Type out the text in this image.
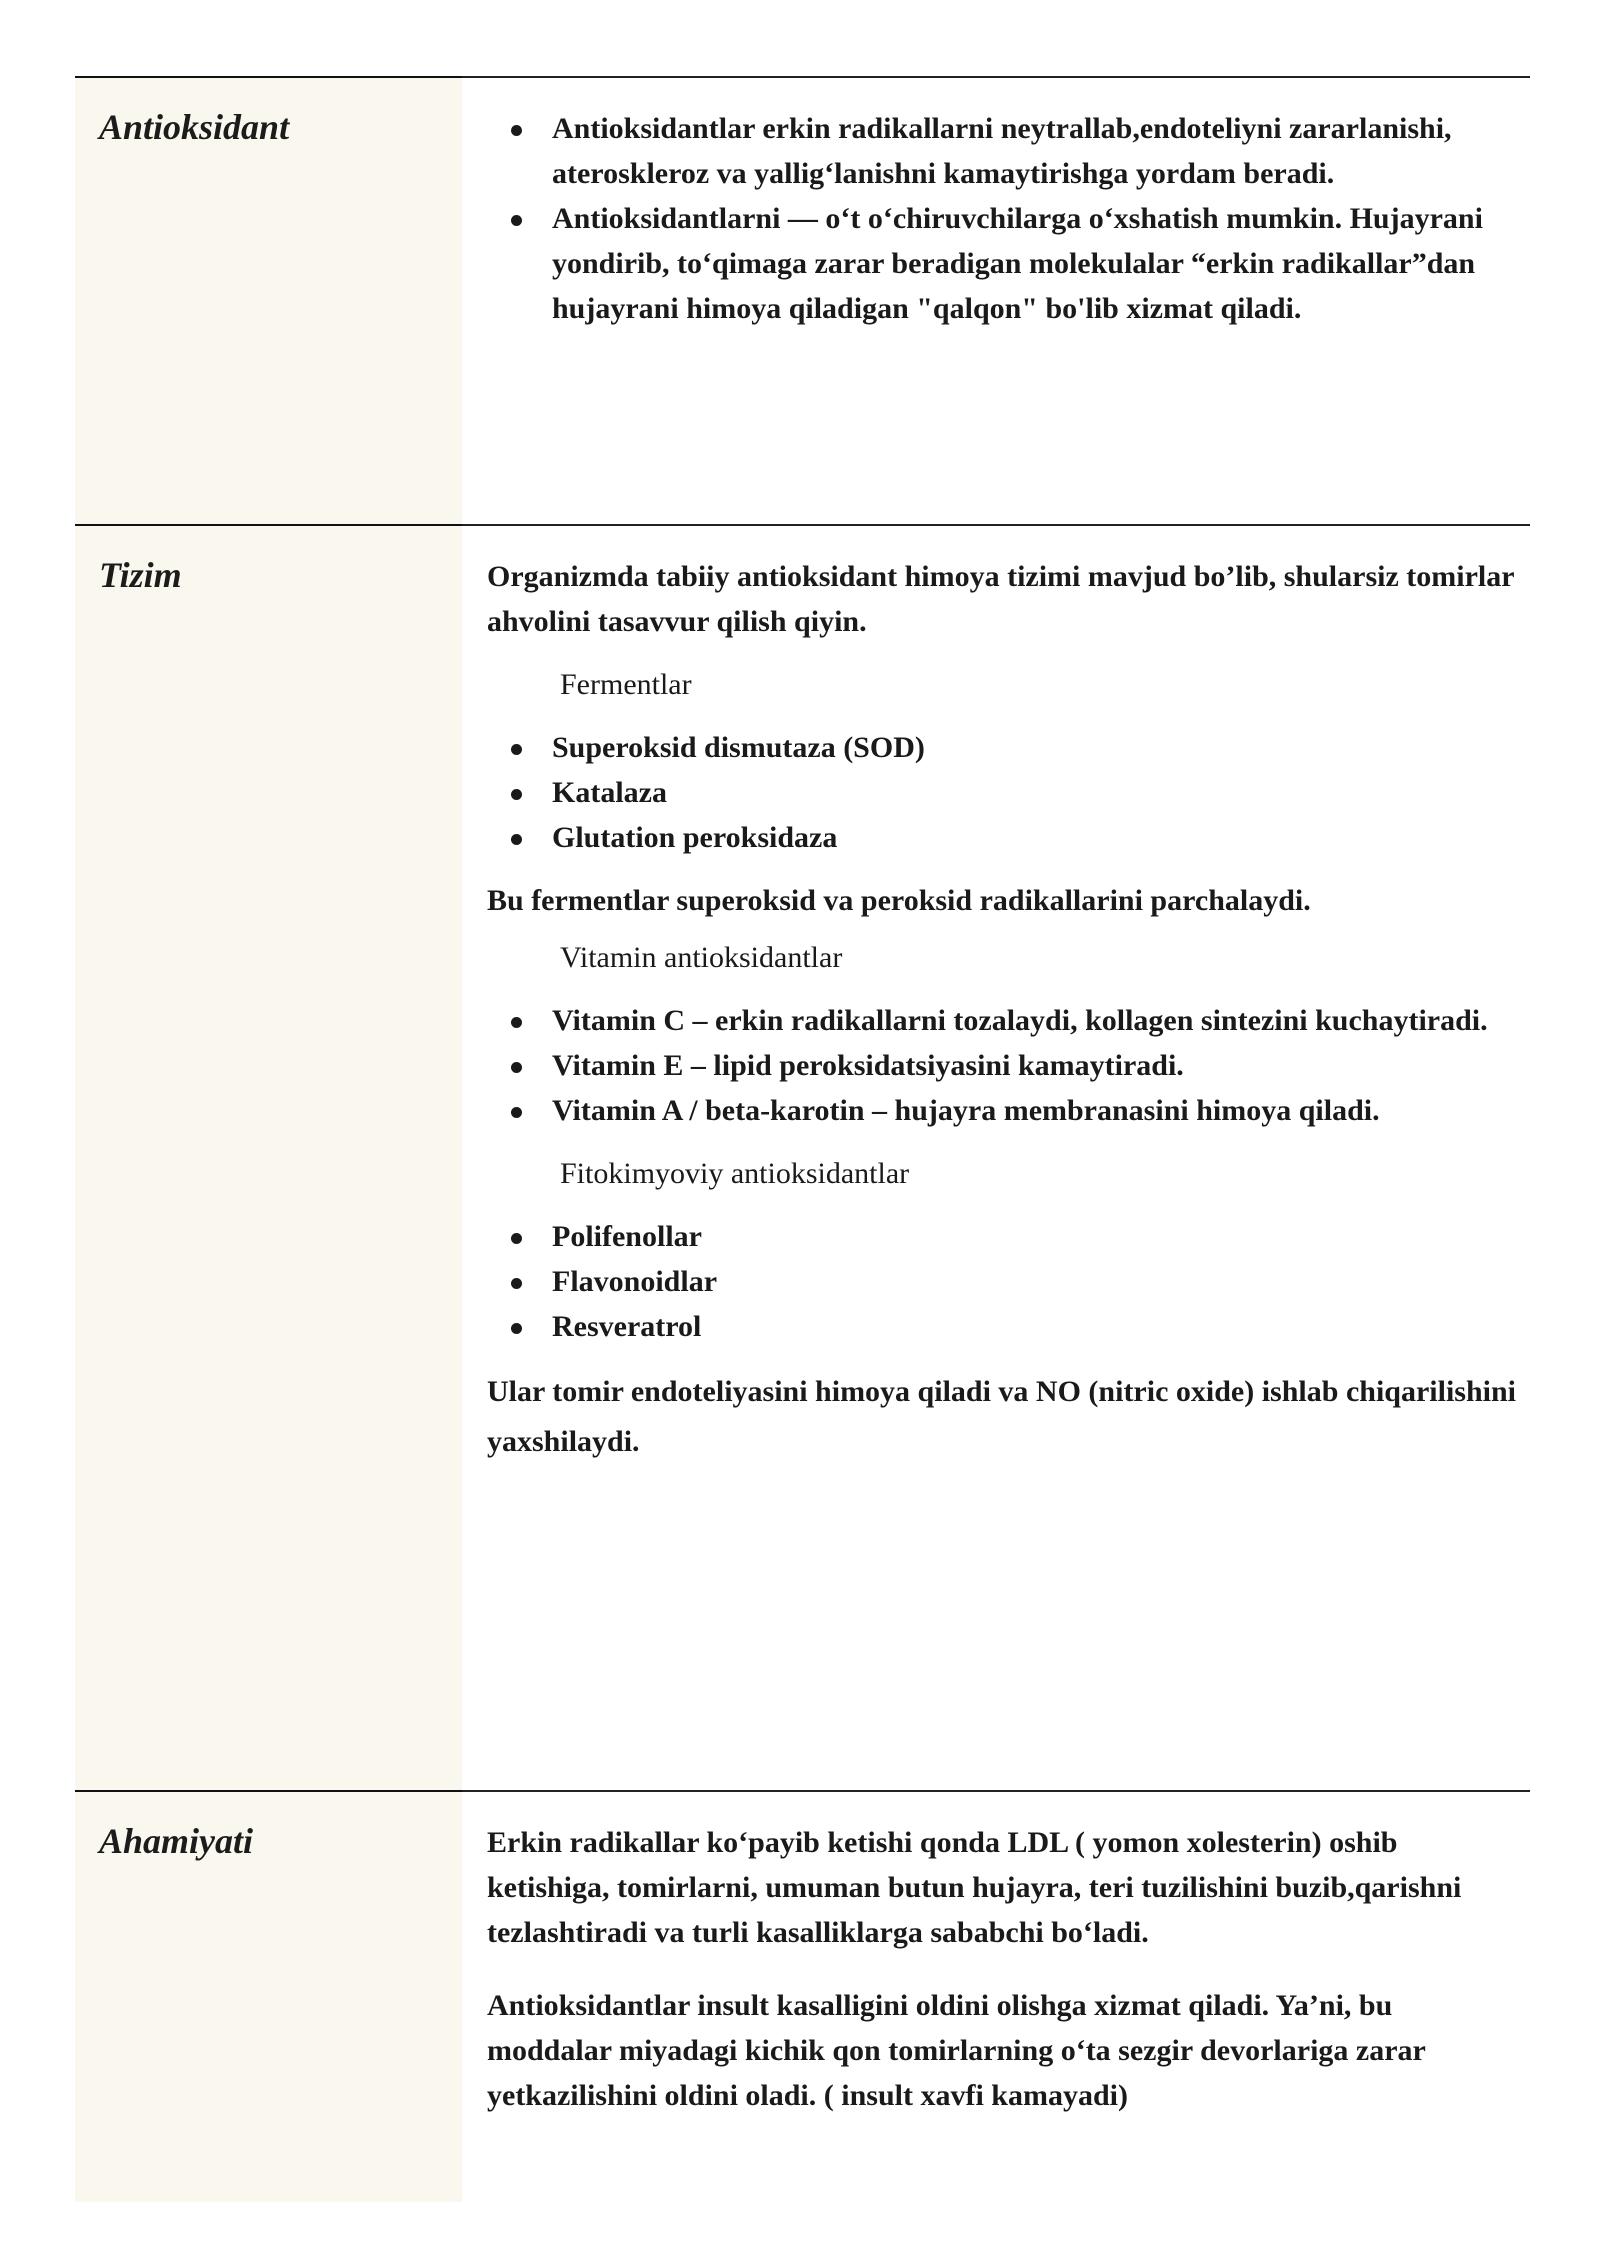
Antioksidant	Antioksidantlar erkin radikallarni neytrallab,endoteliyni zararlanishi, ateroskleroz va yallig‘lanishni kamaytirishga yordam beradi.
Antioksidantlarni — o‘t o‘chiruvchilarga o‘xshatish mumkin. Hujayrani yondirib, to‘qimaga zarar beradigan molekulalar “erkin radikallar”dan hujayrani himoya qiladigan "qalqon" bo'lib xizmat qiladi.
Tizim	Organizmda tabiiy antioksidant himoya tizimi mavjud bo’lib, shularsiz tomirlar ahvolini tasavvur qilish qiyin.

Fermentlar

Superoksid dismutaza (SOD)
Katalaza
Glutation peroksidaza

Bu fermentlar superoksid va peroksid radikallarini parchalaydi.

Vitamin antioksidantlar

Vitamin C – erkin radikallarni tozalaydi, kollagen sintezini kuchaytiradi.
Vitamin E – lipid peroksidatsiyasini kamaytiradi.
Vitamin A / beta-karotin – hujayra membranasini himoya qiladi.

Fitokimyoviy antioksidantlar

Polifenollar
Flavonoidlar
Resveratrol

Ular tomir endoteliyasini himoya qiladi va NO (nitric oxide) ishlab chiqarilishini yaxshilaydi.

Ahamiyati	Erkin radikallar ko‘payib ketishi qonda LDL ( yomon xolesterin) oshib ketishiga, tomirlarni, umuman butun hujayra, teri tuzilishini buzib,qarishni tezlashtiradi va turli kasalliklarga sababchi bo‘ladi.

Antioksidantlar insult kasalligini oldini olishga xizmat qiladi. Ya’ni, bu moddalar miyadagi kichik qon tomirlarning o‘ta sezgir devorlariga zarar yetkazilishini oldini oladi. ( insult xavfi kamayadi)
